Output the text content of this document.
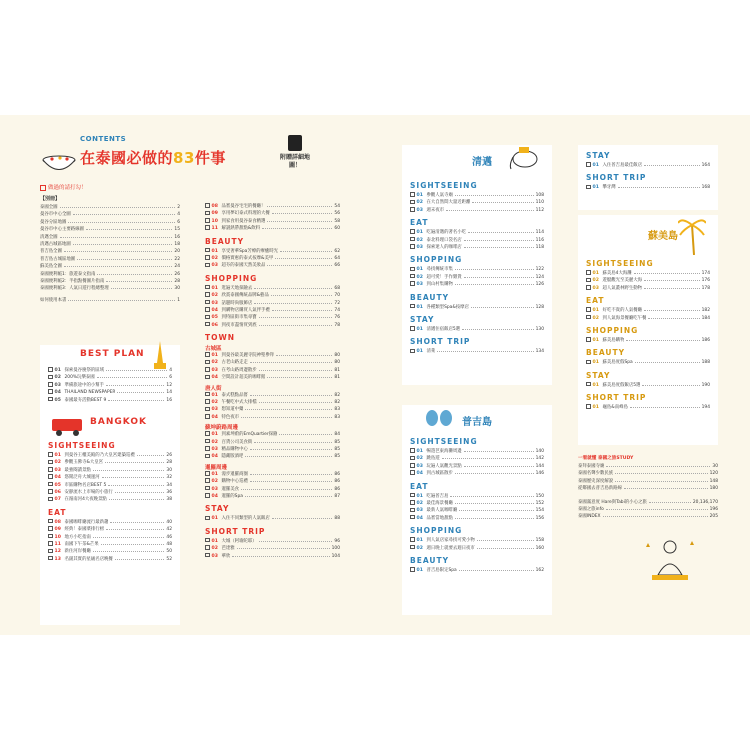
CONTENTS
在泰國必做的83件事
做過的請打勾！
附贈詳細地圖！
【別冊】
泰國全圖	2
曼谷市中心全圖	4
曼谷分區地圖	6
曼谷市中心主要路線圖	15
清邁全圖	16
清邁古城區地圖	18
普吉島全圖	20
普吉島古城區地圖	22
蘇美島全圖	24
泰國便利帳1：旅遊泰文指南	26
泰國便利帳2：半指點餐圖片指南	28
泰國便利帳3：人氣日遊行程總整理	30
如何使用本書	1
BEST PLAN
01 探索曼谷慶祭的區域	4
02 200%玩樂泰國	6
03 準備旅途中的小幫手	12
04 THAILAND NEWSPAPER	14
05 泰國最夯活動BEST 9	16
BANGKOK
SIGHTSEEING
01 到曼谷王權美殿的乃大皇宮建築巡禮	26
02 參觀玉佛寺&大皇宮	28
03 最強閱讀景點	30
04 悠閒泛舟大城運河	32
05 市區購物名店BEST 5	34
06 安靜流水上市場的小旅行	36
07 在湄南河4大夜晚景點	38
EAT
08 泰國咖啡廳流行最新趨	40
09 經典！泰國菜排行榜	42
10 地方小吃指南	46
11 南國下午茶&芒果	48
12 新住河岸餐廳	50
13 名副其實的星級名店晚餐	52
08 品嘗曼谷宅宅的餐廳！	54
09 享用夢幻泰式料理的大餐	56
10 到家食用曼谷泰食精選	58
11 解謎熱帶甜點&飲料	60
BEAUTY
01 享受奢華Spa芳療的療癒時光	62
02 價格實惠的泰式按摩&美甲	64
03 超夯的泰國天然美妝品	66
SHOPPING
01 逛遍天地探險去	68
02 欣賞泰國傳統品牌&藝品	70
03 話題時尚服飾店	72
04 到購物店購買人氣伴手禮	74
05 到特區街市集尋寶	76
06 到夜市盡情買到底	78
TOWN
古城區
01 到曼谷最美麗寺院神聖參拜	80
02 古老山路走走	80
03 在考山路周邊散步	81
04 空間設計超美的咖啡館	81
唐人街
01 泰式糕點品嘗	82
02 午餐吃中式大排檔	82
03 想知道中藥	83
04 特色夜市	83
蘇坤蔚路周邊
01 到素坤蔚的EmQuartier探險	84
02 百貨公司美食街	85
03 精品購物中心	85
04 隱藏版酒吧	85
暹羅周邊
01 漫步暹羅商圈	86
02 購物中心巡禮	86
03 暹羅美食	86
04 暹羅的Spa	87
STAY
01 入住不同類型的人氣飯店	88
SHORT TRIP
01 大城（阿瑜陀耶）	96
02 芭達雅	100
03 華欣	104
清邁
SIGHTSEEING
01 參觀人氣寺廟	108
02 在大自然間大量近距離	110
03 週末夜市	112
EAT
01 吃遍清邁的著名小吃	114
02 泰北料理口袋名店	116
03 探索迷人的咖啡店	118
SHOPPING
01 尋找傳統市集	122
02 超可愛！手作雜貨	124
03 到山村集購物	126
BEAUTY
01 各種類型Spa&按摩店	128
STAY
01 清邁住宿飯店5選	130
SHORT TRIP
01 清萊	134
普吉島
SIGHTSEEING
01 暢遊芭東海灘周邊	140
02 跳島遊	142
03 玩遍人氣觀光景點	144
04 到古城區散步	146
EAT
01 吃遍普吉島	150
02 最佳海景餐廳	152
03 最新人氣咖啡廳	154
04 品嘗當地甜點	156
SHOPPING
01 到人氣店家尋找可愛小物	158
02 週日晚上就要去週日夜市	160
BEAUTY
01 普吉島限定Spa	162
STAY
01 入住普吉島最佳飯店	164
SHORT TRIP
01 攀牙灣	168
蘇美島
SIGHTSEEING
01 蘇美島4大海灘	174
02 遊艇觀光至美麗大海	176
03 超人氣叢林野生動物	178
EAT
01 好吃不貴的人氣餐廳	182
02 到人氣海景餐廳吃午餐	184
SHOPPING
01 蘇美島購物	186
BEAUTY
01 蘇美島度假Spa	188
STAY
01 蘇美島度假飯店5選	190
SHORT TRIP
01 龜島&南峰島	194
一看就懂 泰國之旅STUDY
泰拜泰國寺廟	30
泰國名聲少數民族	120
泰國歷史深度解說	148
從鄰國去普吉島新路線	180
泰國滿意度 Hare與Tabi的小心之旅	20,136,170
泰國之旅info	196
泰國INDEX	205
